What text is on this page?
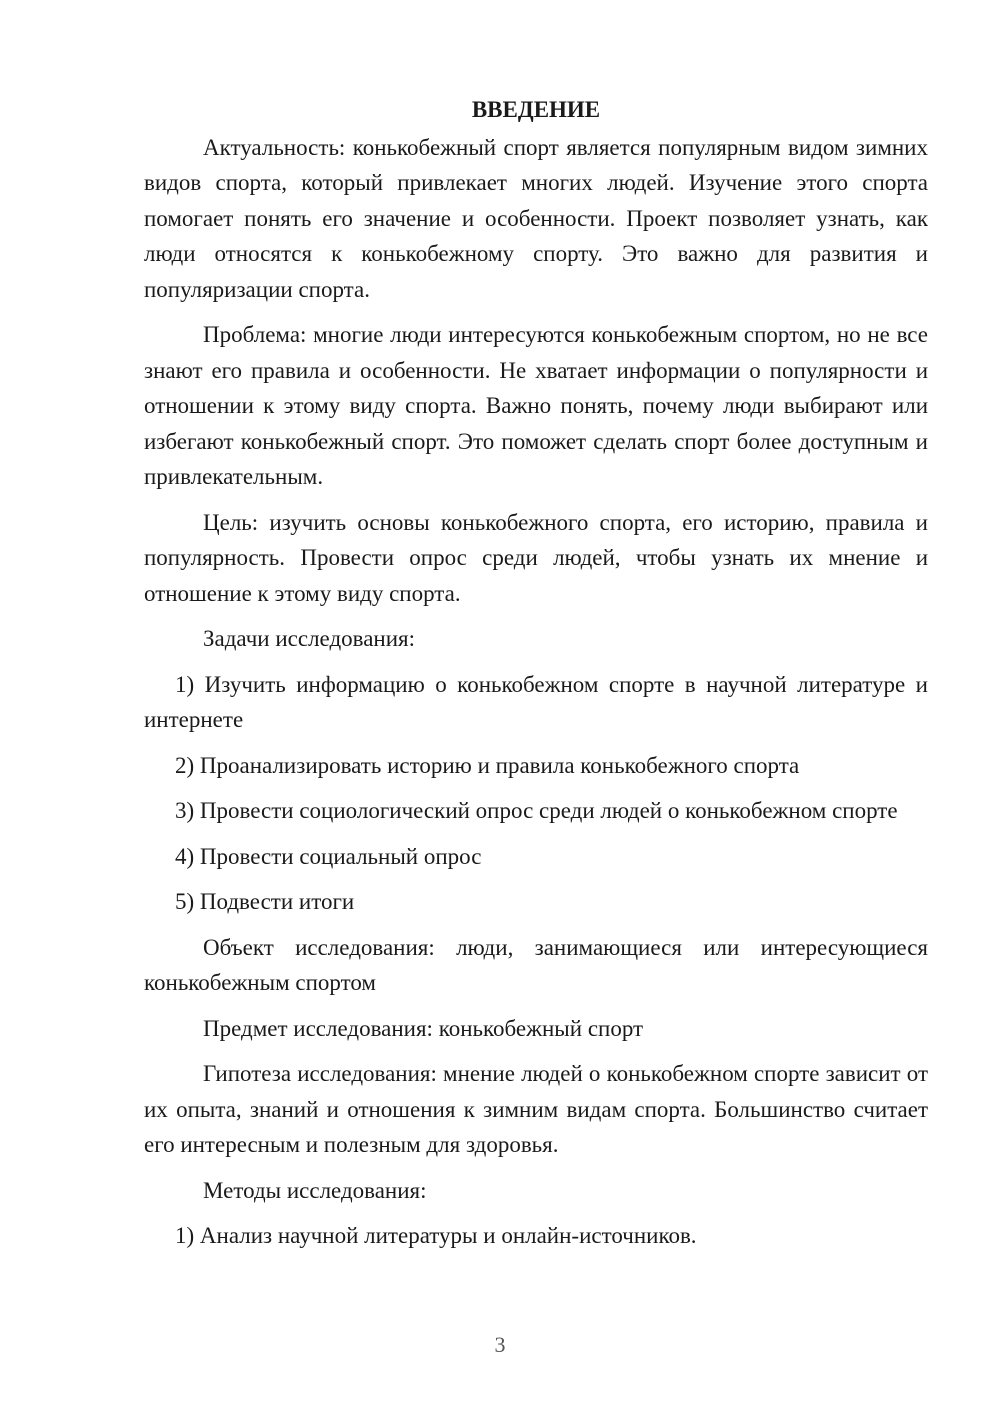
ВВЕДЕНИЕ

Актуальность: конькобежный спорт является популярным видом зимних видов спорта, который привлекает многих людей. Изучение этого спорта помогает понять его значение и особенности. Проект позволяет узнать, как люди относятся к конькобежному спорту. Это важно для развития и популяризации спорта.

Проблема: многие люди интересуются конькобежным спортом, но не все знают его правила и особенности. Не хватает информации о популярности и отношении к этому виду спорта. Важно понять, почему люди выбирают или избегают конькобежный спорт. Это поможет сделать спорт более доступным и привлекательным.

Цель: изучить основы конькобежного спорта, его историю, правила и популярность. Провести опрос среди людей, чтобы узнать их мнение и отношение к этому виду спорта.

Задачи исследования:

1) Изучить информацию о конькобежном спорте в научной литературе и интернете

2) Проанализировать историю и правила конькобежного спорта

3) Провести социологический опрос среди людей о конькобежном спорте

4) Провести социальный опрос

5) Подвести итоги

Объект исследования: люди, занимающиеся или интересующиеся конькобежным спортом

Предмет исследования: конькобежный спорт

Гипотеза исследования: мнение людей о конькобежном спорте зависит от их опыта, знаний и отношения к зимним видам спорта. Большинство считает его интересным и полезным для здоровья.

Методы исследования:

1) Анализ научной литературы и онлайн-источников.

3
